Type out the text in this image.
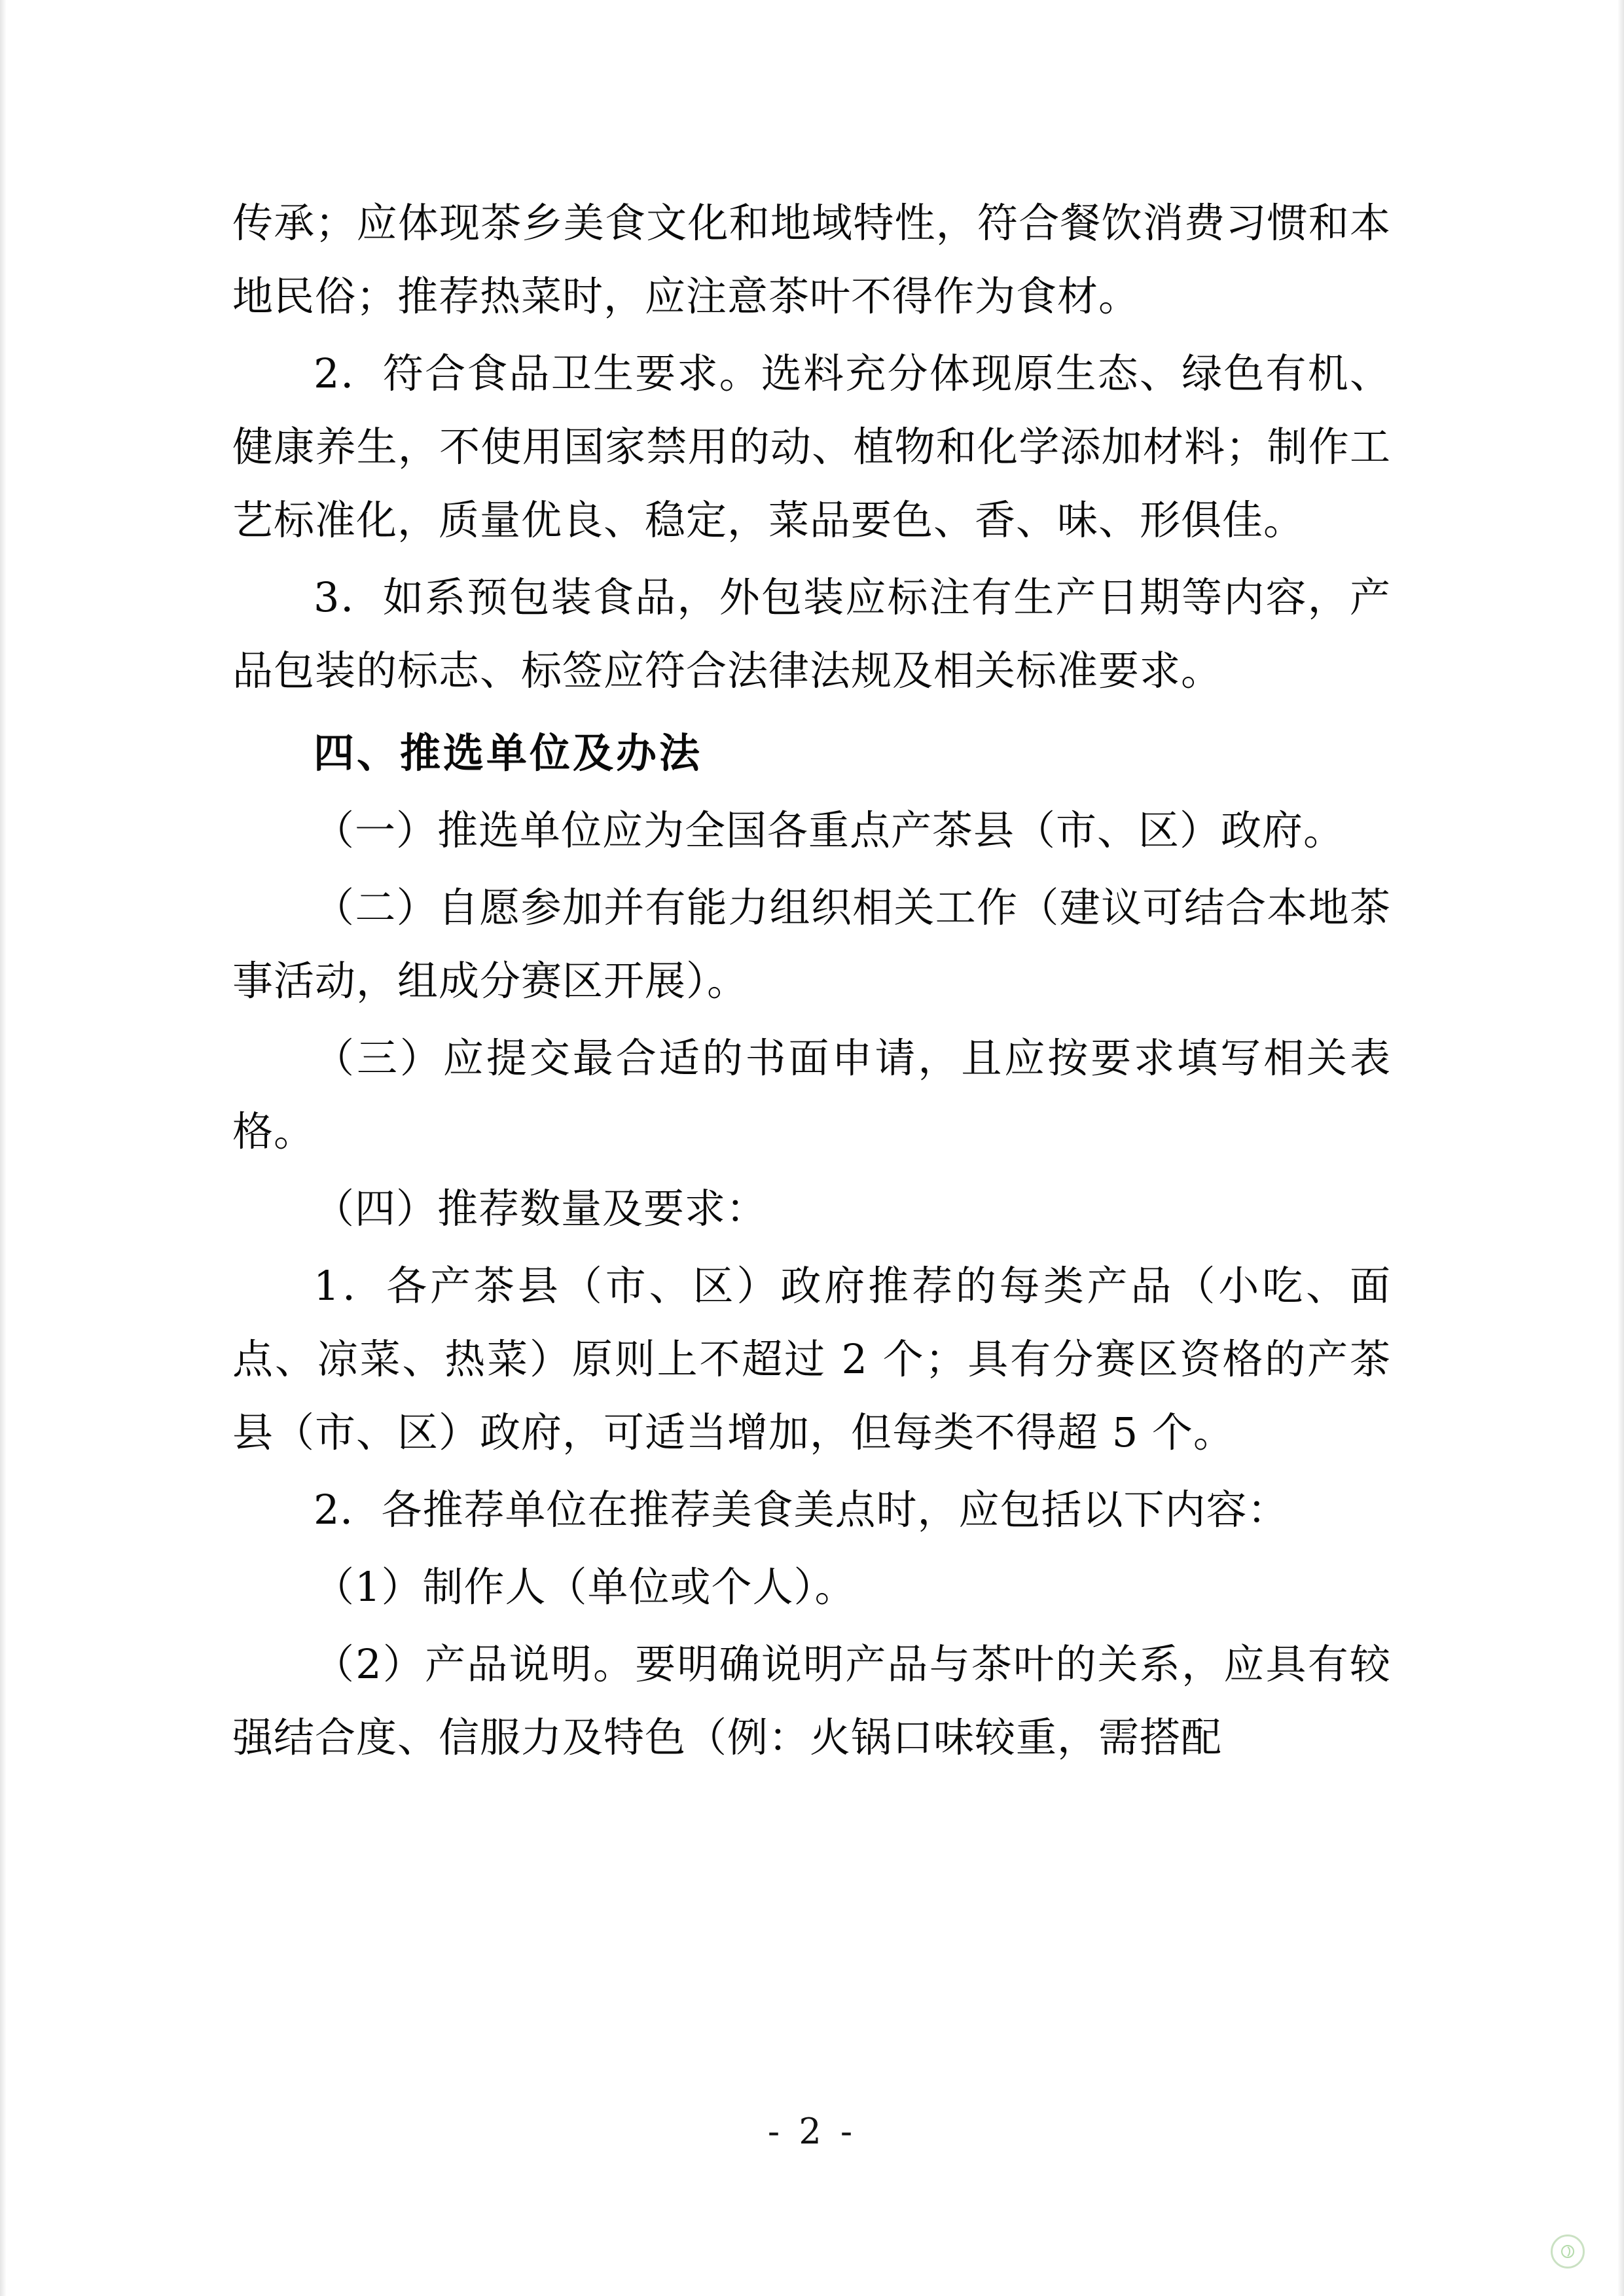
传承；应体现茶乡美食文化和地域特性，符合餐饮消费习惯和本地民俗；推荐热菜时，应注意茶叶不得作为食材。

2．符合食品卫生要求。选料充分体现原生态、绿色有机、健康养生，不使用国家禁用的动、植物和化学添加材料；制作工艺标准化，质量优良、稳定，菜品要色、香、味、形俱佳。

3．如系预包装食品，外包装应标注有生产日期等内容，产品包装的标志、标签应符合法律法规及相关标准要求。

四、推选单位及办法

（一）推选单位应为全国各重点产茶县（市、区）政府。

（二）自愿参加并有能力组织相关工作（建议可结合本地茶事活动，组成分赛区开展）。

（三）应提交最合适的书面申请，且应按要求填写相关表格。

（四）推荐数量及要求：

1．各产茶县（市、区）政府推荐的每类产品（小吃、面点、凉菜、热菜）原则上不超过 2 个；具有分赛区资格的产茶县（市、区）政府，可适当增加，但每类不得超 5 个。

2．各推荐单位在推荐美食美点时，应包括以下内容：

（1）制作人（单位或个人）。

（2）产品说明。要明确说明产品与茶叶的关系，应具有较强结合度、信服力及特色（例：火锅口味较重，需搭配

- 2 -
